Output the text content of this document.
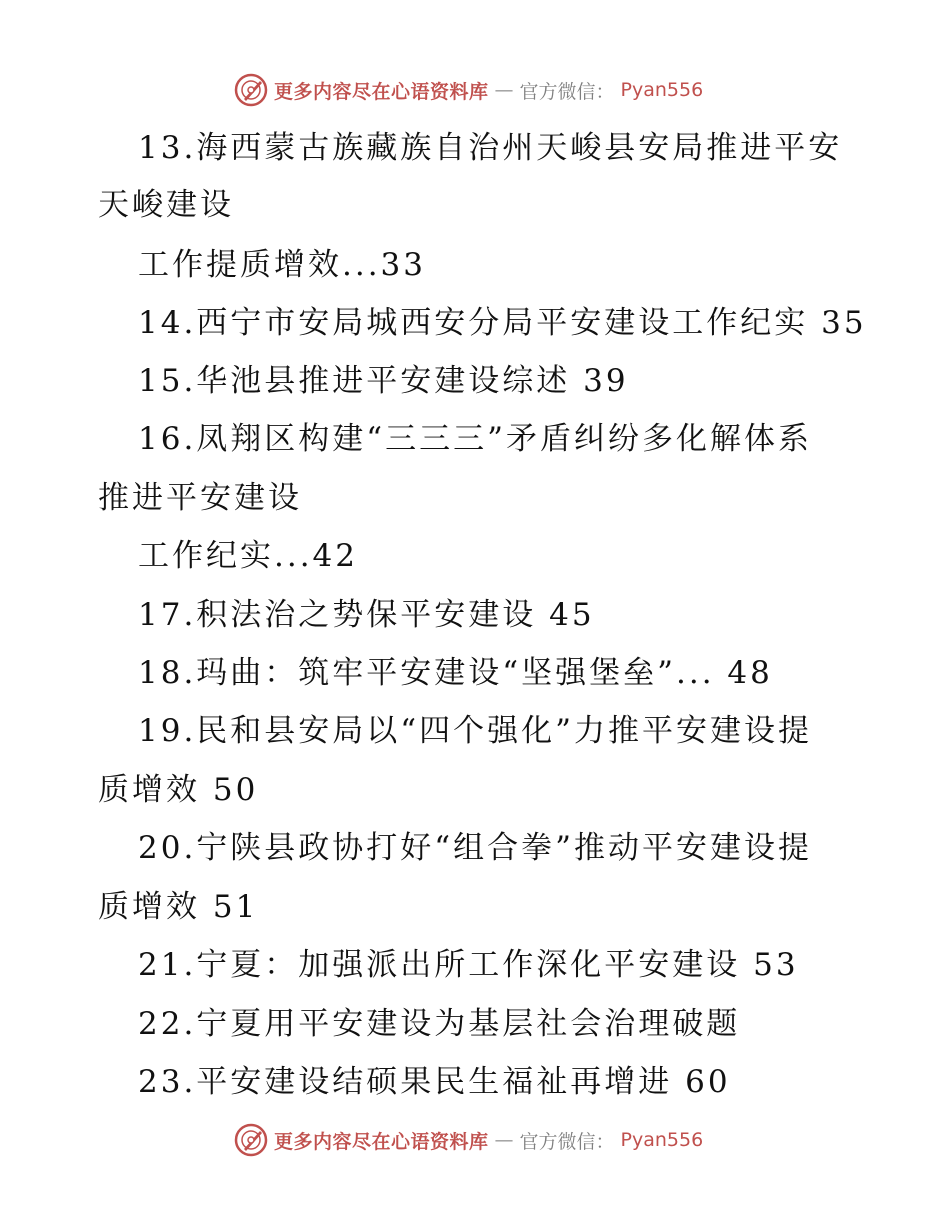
更多内容尽在心语资料库 — 官方微信： Pyan556
13.海西蒙古族藏族自治州天峻县安局推进平安
天峻建设
工作提质增效...33
14.西宁市安局城西安分局平安建设工作纪实 35
15.华池县推进平安建设综述 39
16.凤翔区构建“三三三”矛盾纠纷多化解体系
推进平安建设
工作纪实...42
17.积法治之势保平安建设 45
18.玛曲：筑牢平安建设“坚强堡垒”... 48
19.民和县安局以“四个强化”力推平安建设提
质增效 50
20.宁陕县政协打好“组合拳”推动平安建设提
质增效 51
21.宁夏：加强派出所工作深化平安建设 53
22.宁夏用平安建设为基层社会治理破题
23.平安建设结硕果民生福祉再增进 60
更多内容尽在心语资料库 — 官方微信： Pyan556
